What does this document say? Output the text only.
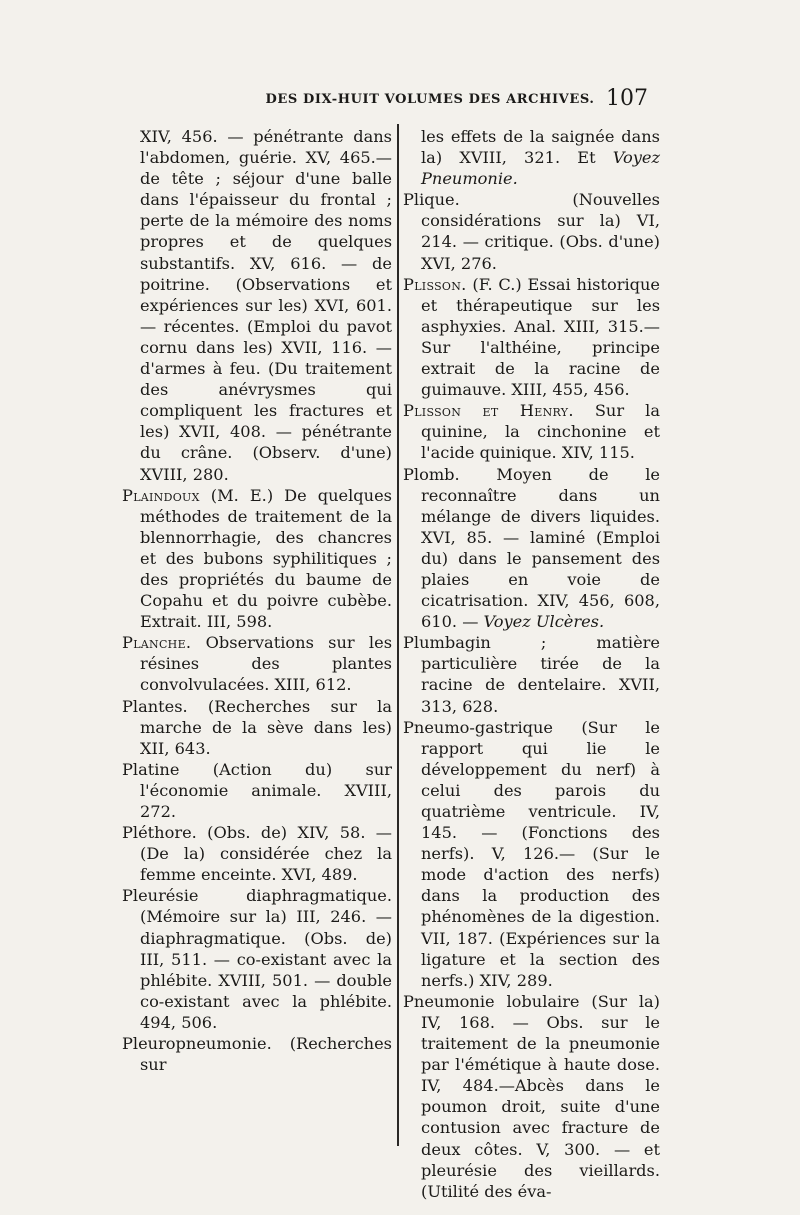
DES DIX-HUIT VOLUMES DES ARCHIVES. 107

XIV, 456. — pénétrante dans l'abdomen, guérie. XV, 465.— de tête ; séjour d'une balle dans l'épaisseur du frontal ; perte de la mémoire des noms propres et de quelques substantifs. XV, 616. — de poitrine. (Observations et expériences sur les) XVI, 601. — récentes. (Emploi du pavot cornu dans les) XVII, 116. — d'armes à feu. (Du traitement des anévrysmes qui compliquent les fractures et les) XVII, 408. — pénétrante du crâne. (Observ. d'une) XVIII, 280.

Plaindoux (M. E.) De quelques méthodes de traitement de la blennorrhagie, des chancres et des bubons syphilitiques ; des propriétés du baume de Copahu et du poivre cubèbe. Extrait. III, 598.

Planche. Observations sur les résines des plantes convolvulacées. XIII, 612.

Plantes. (Recherches sur la marche de la sève dans les) XII, 643.

Platine (Action du) sur l'économie animale. XVIII, 272.

Pléthore. (Obs. de) XIV, 58. — (De la) considérée chez la femme enceinte. XVI, 489.

Pleurésie diaphragmatique. (Mémoire sur la) III, 246. — diaphragmatique. (Obs. de) III, 511. — co-existant avec la phlébite. XVIII, 501. — double co-existant avec la phlébite. 494, 506.

Pleuropneumonie. (Recherches sur

les effets de la saignée dans la) XVIII, 321. Et Voyez Pneumonie.

Plique. (Nouvelles considérations sur la) VI, 214. — critique. (Obs. d'une) XVI, 276.

Plisson. (F. C.) Essai historique et thérapeutique sur les asphyxies. Anal. XIII, 315.—Sur l'althéine, principe extrait de la racine de guimauve. XIII, 455, 456.

Plisson et Henry. Sur la quinine, la cinchonine et l'acide quinique. XIV, 115.

Plomb. Moyen de le reconnaître dans un mélange de divers liquides. XVI, 85. — laminé (Emploi du) dans le pansement des plaies en voie de cicatrisation. XIV, 456, 608, 610. — Voyez Ulcères.

Plumbagin ; matière particulière tirée de la racine de dentelaire. XVII, 313, 628.

Pneumo-gastrique (Sur le rapport qui lie le développement du nerf) à celui des parois du quatrième ventricule. IV, 145. — (Fonctions des nerfs). V, 126.— (Sur le mode d'action des nerfs) dans la production des phénomènes de la digestion. VII, 187. (Expériences sur la ligature et la section des nerfs.) XIV, 289.

Pneumonie lobulaire (Sur la) IV, 168. — Obs. sur le traitement de la pneumonie par l'émétique à haute dose. IV, 484.—Abcès dans le poumon droit, suite d'une contusion avec fracture de deux côtes. V, 300. — et pleurésie des vieillards. (Utilité des éva-
